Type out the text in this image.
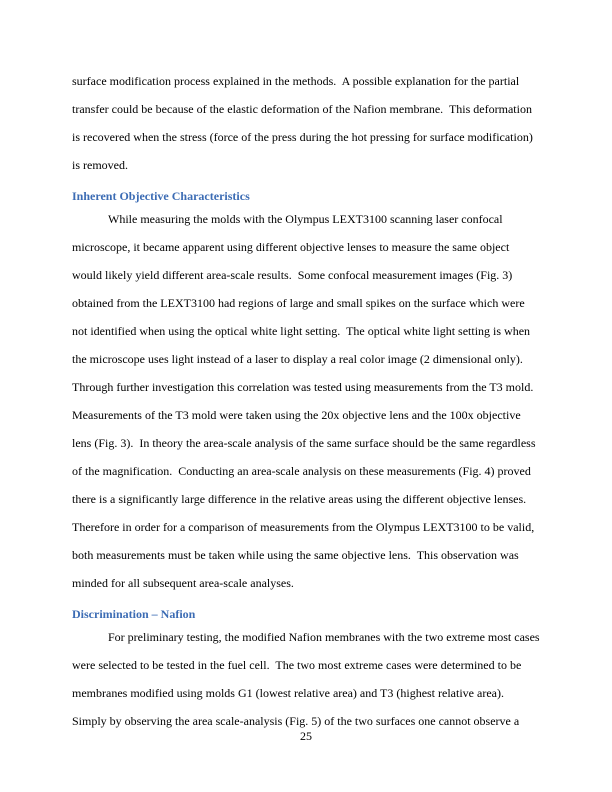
surface modification process explained in the methods.  A possible explanation for the partial
transfer could be because of the elastic deformation of the Nafion membrane.  This deformation
is recovered when the stress (force of the press during the hot pressing for surface modification)
is removed.
Inherent Objective Characteristics
While measuring the molds with the Olympus LEXT3100 scanning laser confocal
microscope, it became apparent using different objective lenses to measure the same object
would likely yield different area-scale results.  Some confocal measurement images (Fig. 3)
obtained from the LEXT3100 had regions of large and small spikes on the surface which were
not identified when using the optical white light setting.  The optical white light setting is when
the microscope uses light instead of a laser to display a real color image (2 dimensional only).
Through further investigation this correlation was tested using measurements from the T3 mold.
Measurements of the T3 mold were taken using the 20x objective lens and the 100x objective
lens (Fig. 3).  In theory the area-scale analysis of the same surface should be the same regardless
of the magnification.  Conducting an area-scale analysis on these measurements (Fig. 4) proved
there is a significantly large difference in the relative areas using the different objective lenses.
Therefore in order for a comparison of measurements from the Olympus LEXT3100 to be valid,
both measurements must be taken while using the same objective lens.  This observation was
minded for all subsequent area-scale analyses.
Discrimination – Nafion
For preliminary testing, the modified Nafion membranes with the two extreme most cases
were selected to be tested in the fuel cell.  The two most extreme cases were determined to be
membranes modified using molds G1 (lowest relative area) and T3 (highest relative area).
Simply by observing the area scale-analysis (Fig. 5) of the two surfaces one cannot observe a
25
